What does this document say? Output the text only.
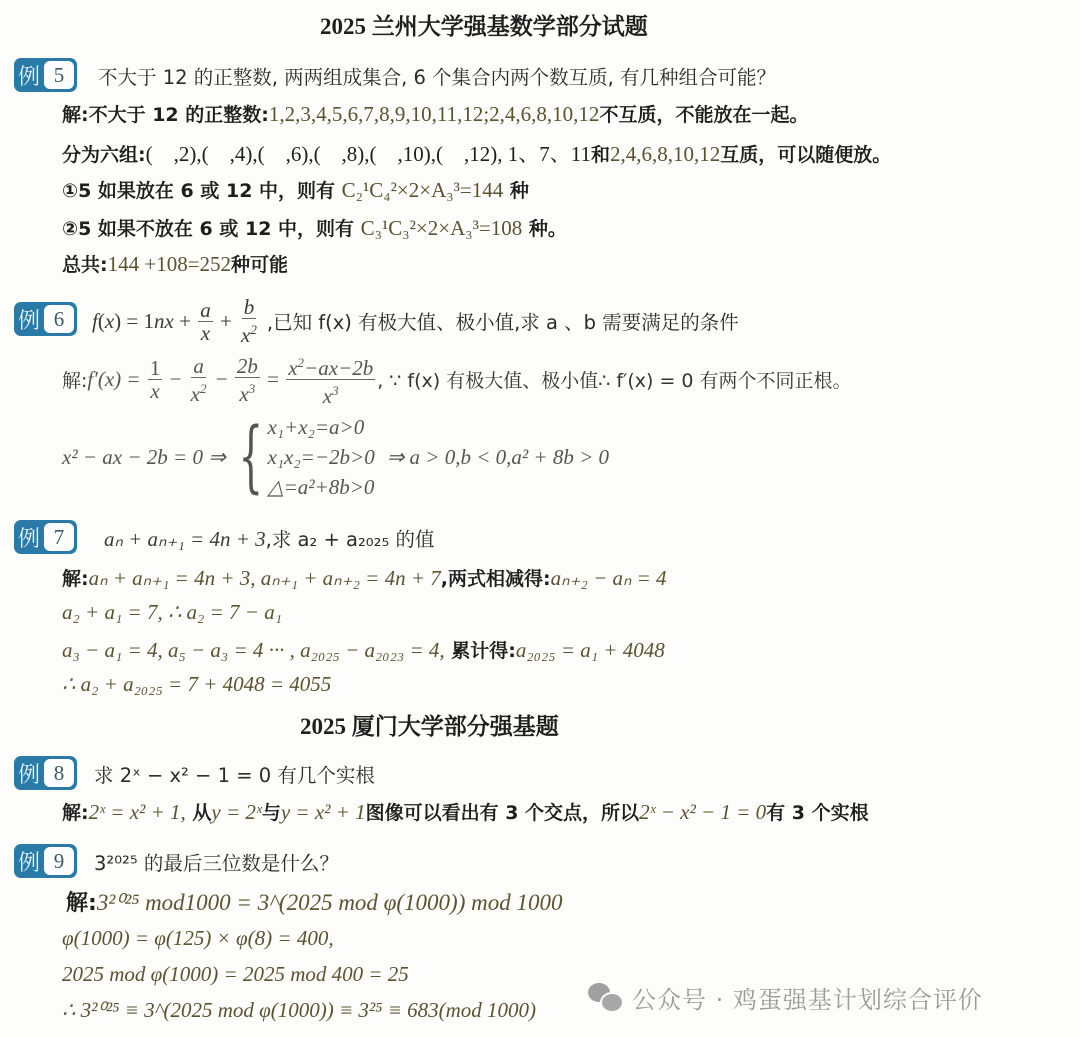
2025 兰州大学强基数学部分试题
例 5	不大于 12 的正整数, 两两组成集合, 6 个集合内两个数互质, 有几种组合可能？
解:不大于 12 的正整数:1,2,3,4,5,6,7,8,9,10,11,12;2,4,6,8,10,12不互质，不能放在一起。
分为六组:(    ,2),(    ,4),(    ,6),(    ,8),(    ,10),(    ,12), 1、7、11和2,4,6,8,10,12互质，可以随便放。
①5 如果放在 6 或 12 中，则有 C₂¹C₄²×2×A₃³=144 种
②5 如果不放在 6 或 12 中，则有 C₃¹C₃²×2×A₃³=108 种。
总共:144 +108=252种可能
例 6	f ( x ) = 1 nx + $\frac{a}{x} + \frac{b}{x^2}$ ,已知 f(x) 有极大值、极小值,求 a 、b 需要满足的条件
解: $f'(x) = \frac{1}{x} - \frac{a}{x^2} - \frac{2b}{x^3} = \frac{x^2-ax-2b}{x^3}$ , ∵ f(x) 有极大值、极小值∴ f′(x) = 0 有两个不同正根。
x² − ax − 2b = 0 ⇒ { x₁+x₂=a>0
x₁x₂=−2b>0
△=a²+8b>0
⇒ a > 0,b < 0,a² + 8b > 0
例 7	aₙ + aₙ₊₁ = 4n + 3,求 a₂ + a₂₀₂₅ 的值
解:aₙ + aₙ₊₁ = 4n + 3, aₙ₊₁ + aₙ₊₂ = 4n + 7,两式相减得:aₙ₊₂ − aₙ = 4
a₂ + a₁ = 7, ∴ a₂ = 7 − a₁
a₃ − a₁ = 4, a₅ − a₃ = 4 ··· , a₂₀₂₅ − a₂₀₂₃ = 4, 累计得:a₂₀₂₅ = a₁ + 4048
∴ a₂ + a₂₀₂₅ = 7 + 4048 = 4055
2025 厦门大学部分强基题
例 8	求 2ˣ − x² − 1 = 0 有几个实根
解:2ˣ = x² + 1, 从y = 2ˣ与y = x² + 1图像可以看出有 3 个交点，所以2ˣ − x² − 1 = 0有 3 个实根
例 9	3²⁰²⁵ 的最后三位数是什么？
解:3²⁰²⁵ mod1000 = 3^(2025 mod φ(1000)) mod 1000
φ(1000) = φ(125) × φ(8) = 400,
2025 mod φ(1000) = 2025 mod 400 = 25
∴ 3²⁰²⁵ ≡ 3^(2025 mod φ(1000)) ≡ 3²⁵ ≡ 683(mod 1000)	公众号 · 鸡蛋强基计划综合评价
